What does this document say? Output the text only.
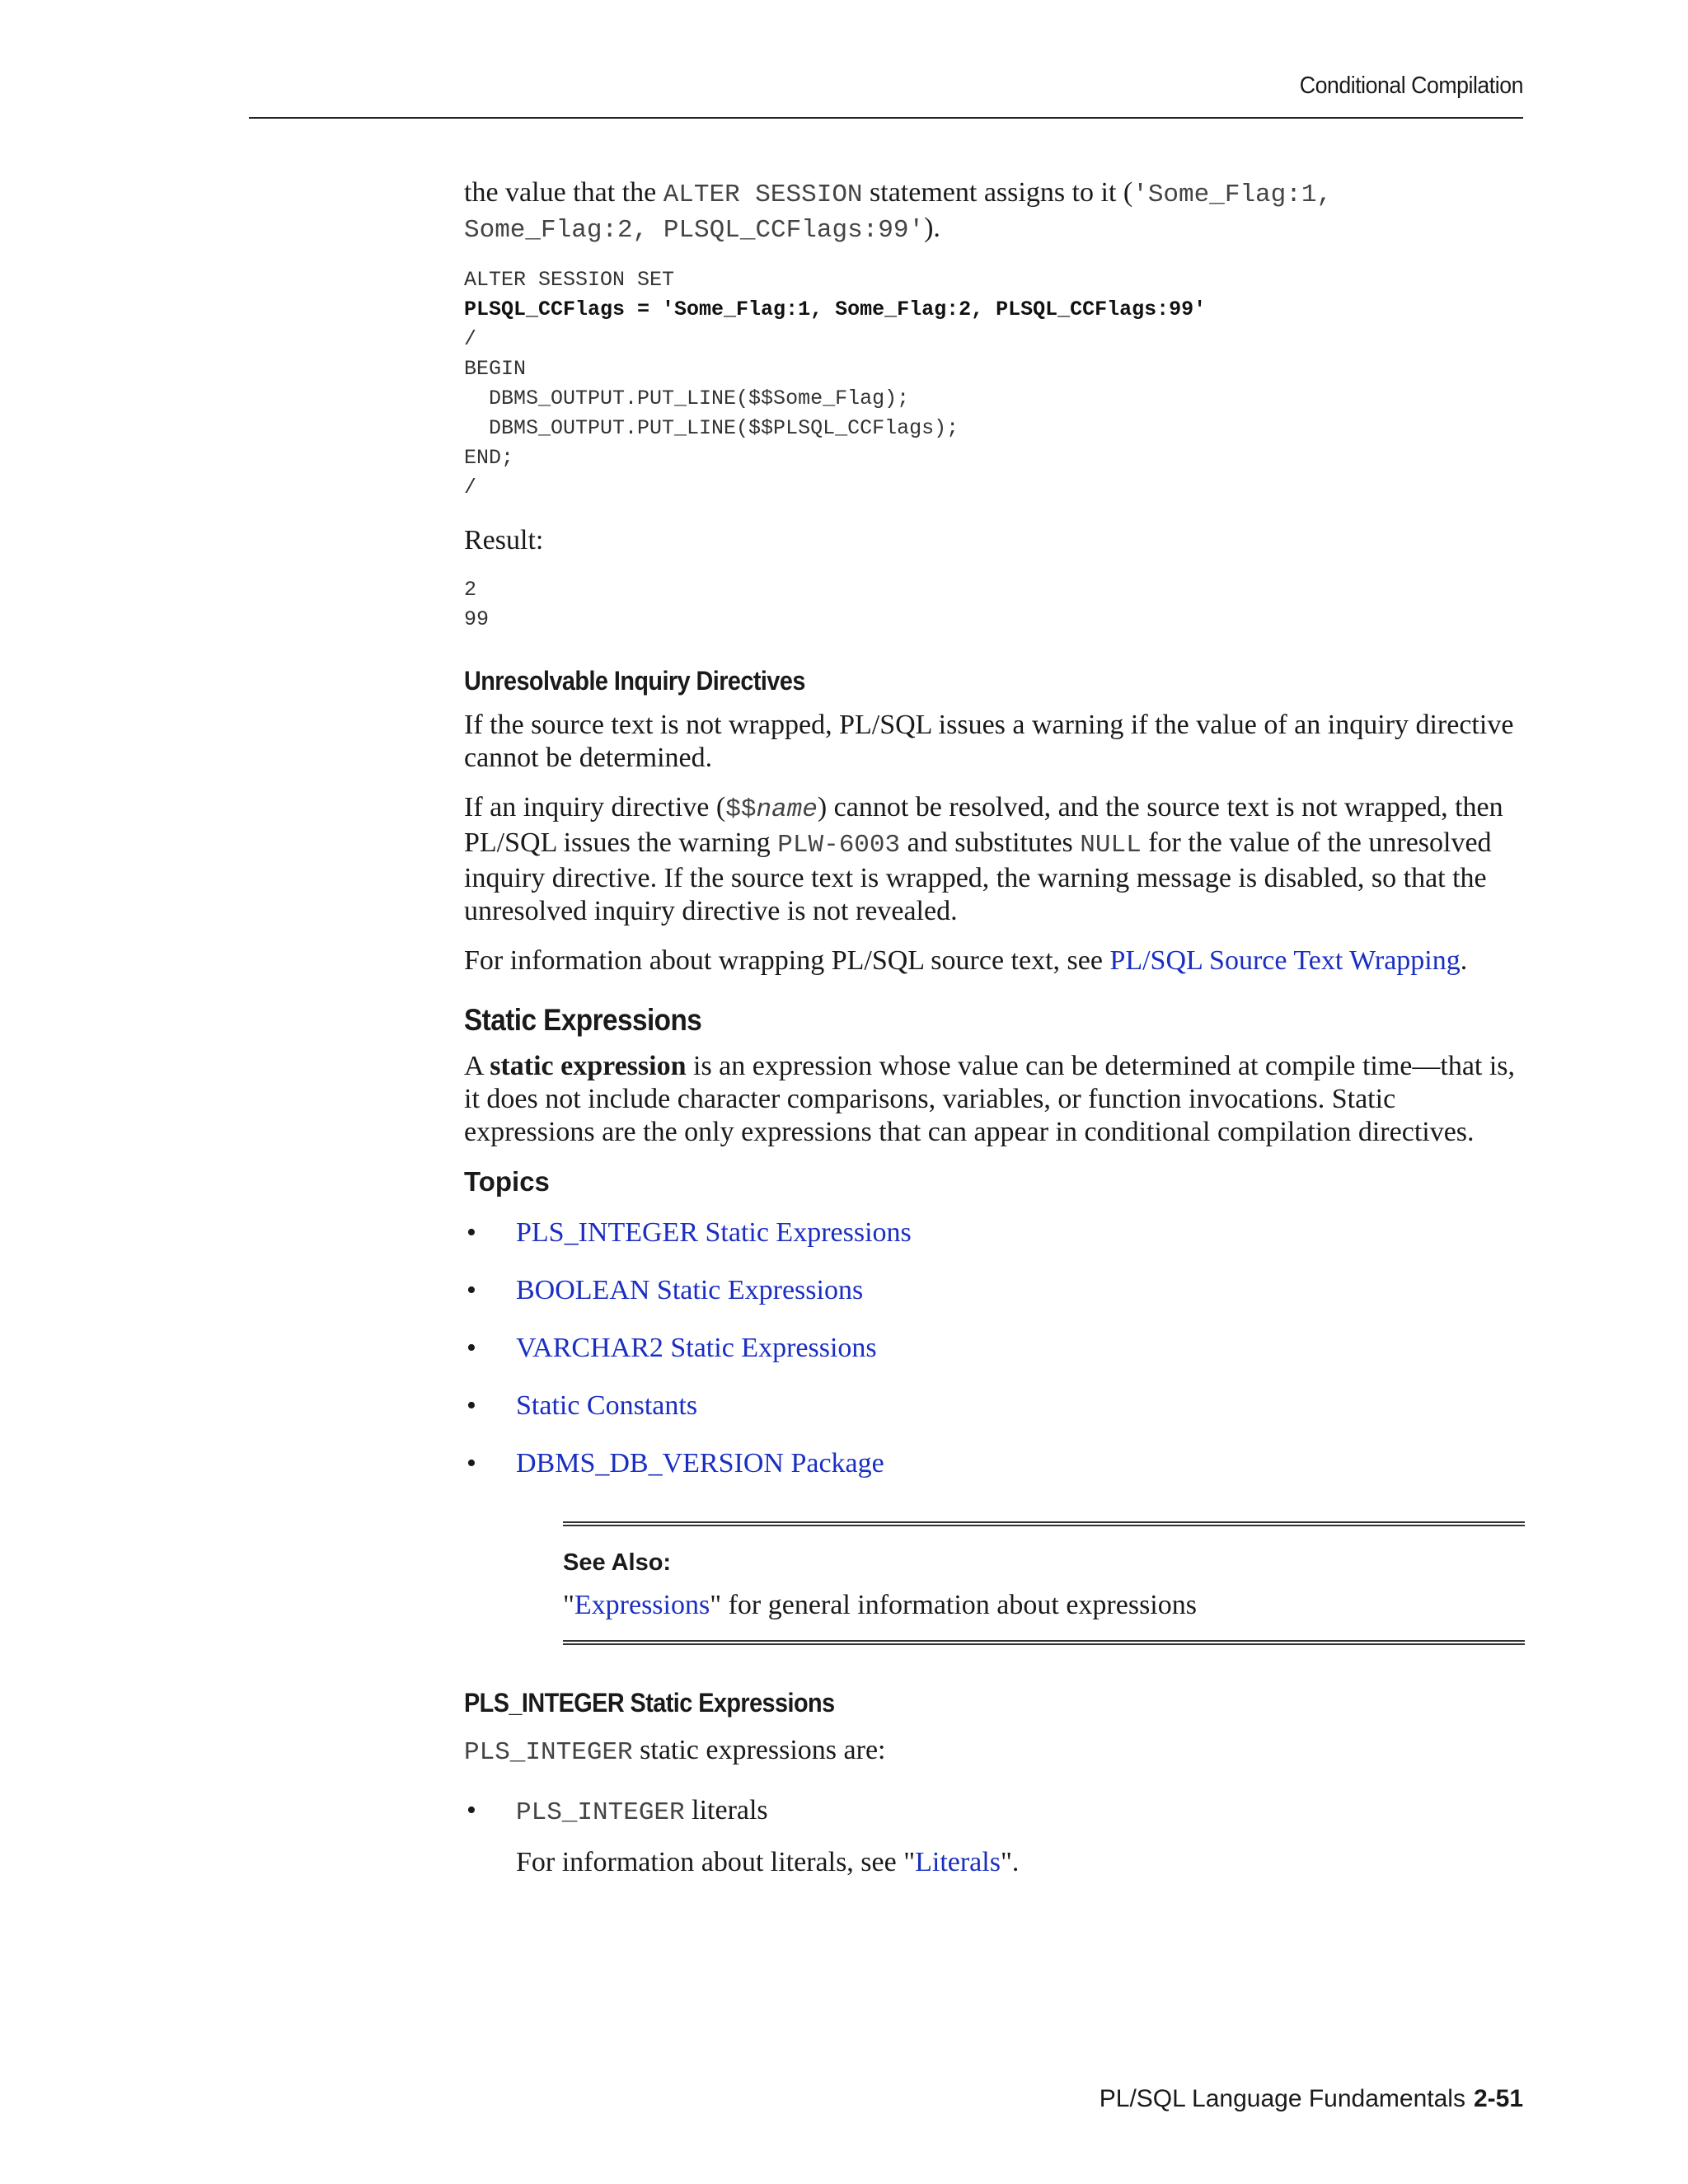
Conditional Compilation

the value that the ALTER SESSION statement assigns to it ('Some_Flag:1, Some_Flag:2, PLSQL_CCFlags:99').

ALTER SESSION SET
PLSQL_CCFlags = 'Some_Flag:1, Some_Flag:2, PLSQL_CCFlags:99'
/
BEGIN
DBMS_OUTPUT.PUT_LINE($$Some_Flag);
DBMS_OUTPUT.PUT_LINE($$PLSQL_CCFlags);
END;
/

Result:

2
99
Unresolvable Inquiry Directives

If the source text is not wrapped, PL/SQL issues a warning if the value of an inquiry directive cannot be determined.

If an inquiry directive ($$name) cannot be resolved, and the source text is not wrapped, then PL/SQL issues the warning PLW-6003 and substitutes NULL for the value of the unresolved inquiry directive. If the source text is wrapped, the warning message is disabled, so that the unresolved inquiry directive is not revealed.

For information about wrapping PL/SQL source text, see PL/SQL Source Text Wrapping.

Static Expressions

A static expression is an expression whose value can be determined at compile time—that is, it does not include character comparisons, variables, or function invocations. Static expressions are the only expressions that can appear in conditional compilation directives.

Topics
• PLS_INTEGER Static Expressions
• BOOLEAN Static Expressions
• VARCHAR2 Static Expressions
• Static Constants
• DBMS_DB_VERSION Package
See Also:

"Expressions" for general information about expressions

PLS_INTEGER Static Expressions

PLS_INTEGER static expressions are:

• PLS_INTEGER literals

For information about literals, see "Literals".

PL/SQL Language Fundamentals 2-51
